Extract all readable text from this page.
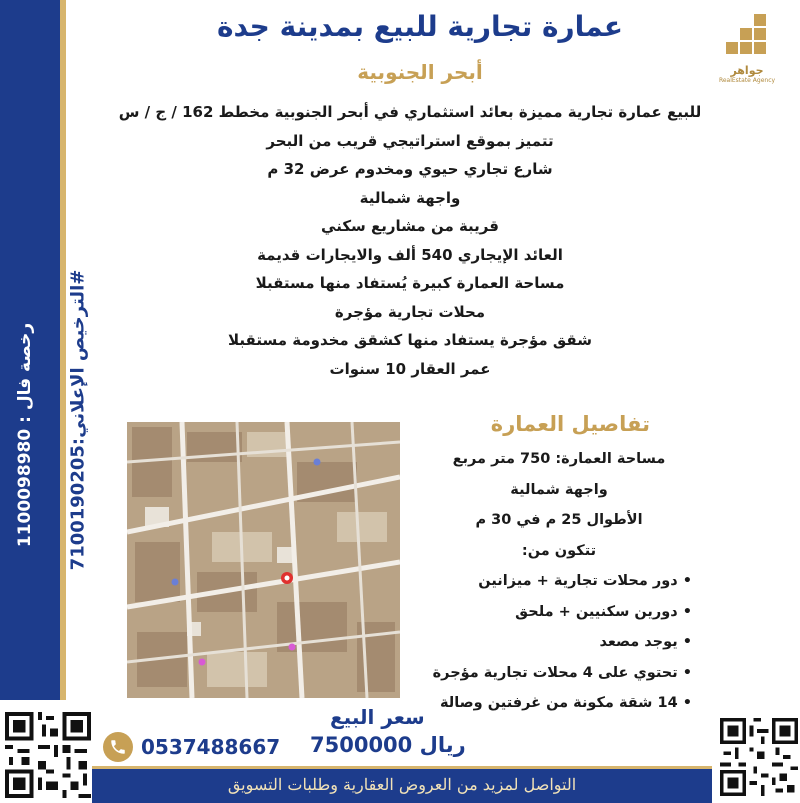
رخصة فال : 1100098980
الترخيص الإعلاني:7100190205#
جواهر
RealEstate Agency
عمارة تجارية للبيع بمدينة جدة
أبحر الجنوبية
للبيع عمارة تجارية مميزة بعائد استثماري في أبحر الجنوبية مخطط 162 / ج / س
تتميز بموقع استراتيجي قريب من البحر
شارع تجاري حيوي ومخدوم عرض 32 م
واجهة شمالية
قريبة من مشاريع سكني
العائد الإيجاري 540 ألف والايجارات قديمة
مساحة العمارة كبيرة يُستفاد منها مستقبلا
محلات تجارية مؤجرة
شقق مؤجرة يستفاد منها كشقق مخدومة مستقبلا
عمر العقار 10 سنوات
تفاصيل العمارة
مساحة العمارة: 750 متر مربع
واجهة شمالية
الأطوال 25 م في 30 م
تتكون من:
• دور محلات تجارية + ميزانين
• دورين سكنيين + ملحق
• يوجد مصعد
• تحتوي على 4 محلات تجارية مؤجرة
• 14 شقة مكونة من غرفتين وصالة
سعر البيع
7500000 ريال
0537488667
التواصل لمزيد من العروض العقارية وطلبات التسويق
